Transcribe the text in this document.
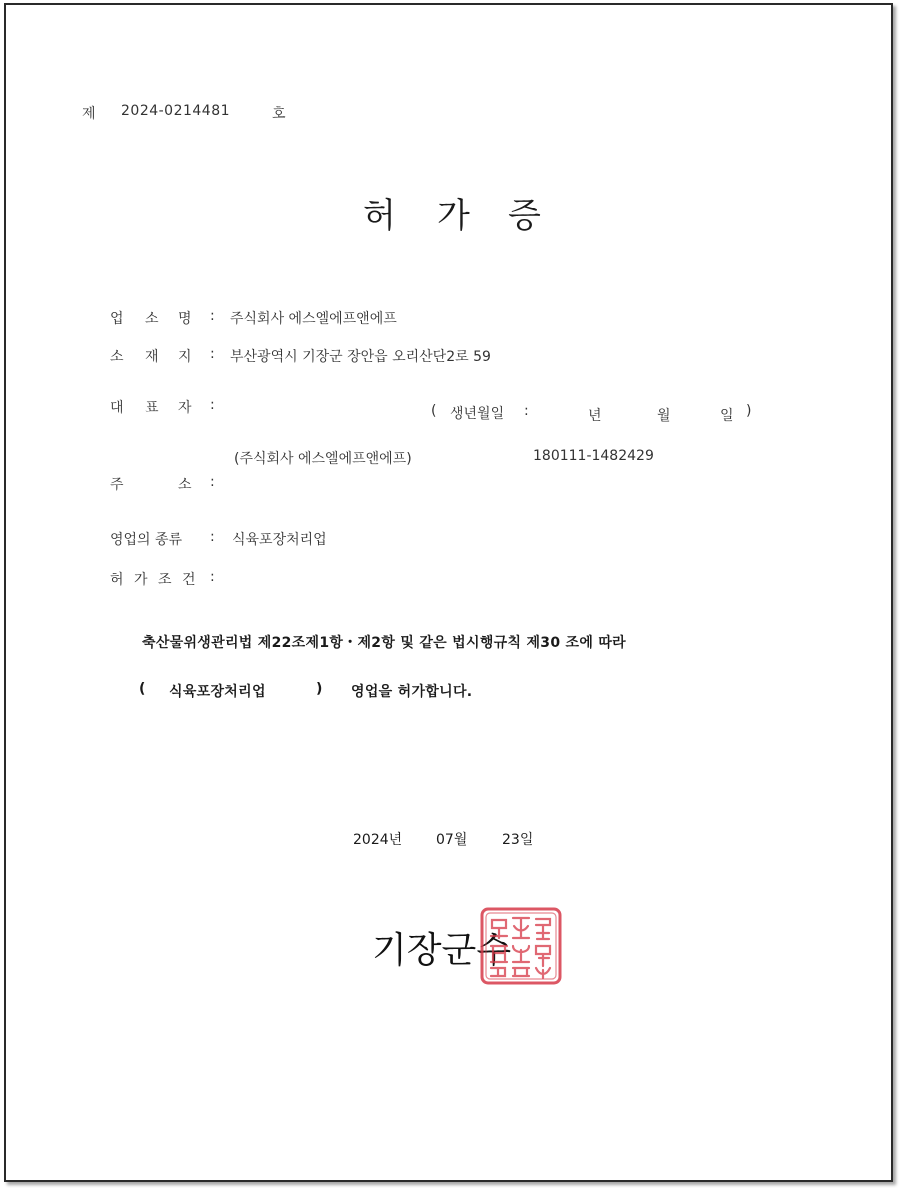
제 2024-0214481	호
허 가 증
업 소 명 : 주식회사 에스엘에프앤에프
소 재 지 : 부산광역시 기장군 장안읍 오리산단2로 59
대 표 자 :	( 생년월일 :	년	월	일 )
(주식회사 에스엘에프앤에프)	180111-1482429
주	소 :
영업의 종류 : 식육포장처리업
허 가 조 건 :
축산물위생관리법 제22조제1항・제2항 및 같은 법시행규칙 제30 조에 따라
( 식육포장처리업	) 영업을 허가합니다.
2024년 07월 23일
기장군수
